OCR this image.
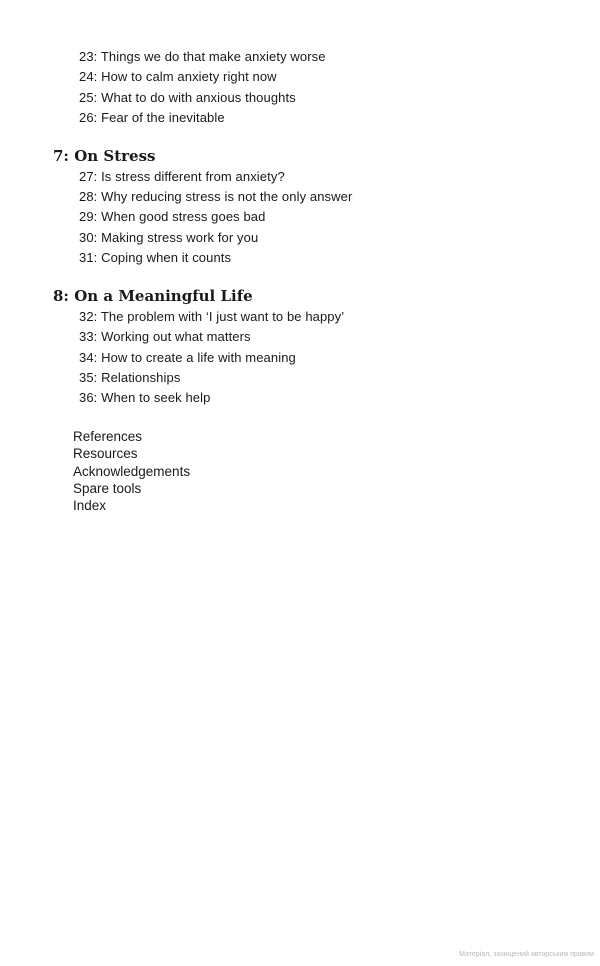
23: Things we do that make anxiety worse
24: How to calm anxiety right now
25: What to do with anxious thoughts
26: Fear of the inevitable
7: On Stress
27: Is stress different from anxiety?
28: Why reducing stress is not the only answer
29: When good stress goes bad
30: Making stress work for you
31: Coping when it counts
8: On a Meaningful Life
32: The problem with ‘I just want to be happy’
33: Working out what matters
34: How to create a life with meaning
35: Relationships
36: When to seek help
References
Resources
Acknowledgements
Spare tools
Index
Матеріал, захищений авторським правом
